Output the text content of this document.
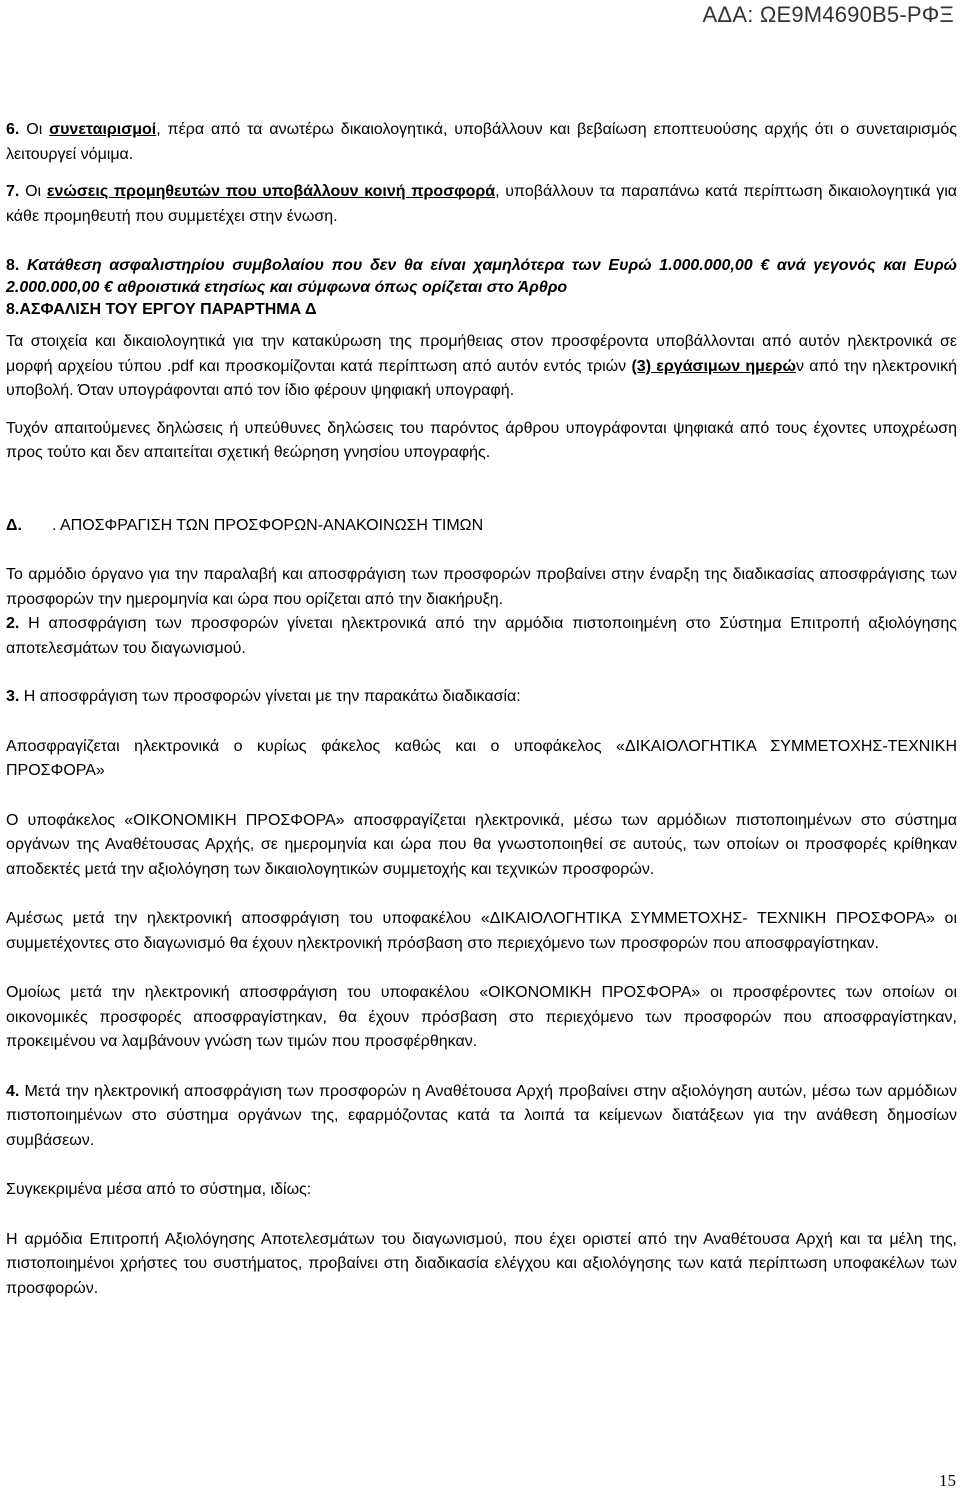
ΑΔΑ: ΩΕ9Μ4690Β5-ΡΦΞ

6. Οι συνεταιρισμοί, πέρα από τα ανωτέρω δικαιολογητικά, υποβάλλουν και βεβαίωση εποπτευούσης αρχής ότι ο συνεταιρισμός λειτουργεί νόμιμα.

7. Οι ενώσεις προμηθευτών που υποβάλλουν κοινή προσφορά, υποβάλλουν τα παραπάνω κατά περίπτωση δικαιολογητικά για κάθε προμηθευτή που συμμετέχει στην ένωση.

8. Κατάθεση ασφαλιστηρίου συμβολαίου που δεν θα είναι χαμηλότερα των Ευρώ 1.000.000,00 € ανά γεγονός και Ευρώ 2.000.000,00 € αθροιστικά ετησίως και σύμφωνα όπως ορίζεται στο Άρθρο

8.ΑΣΦΑΛΙΣΗ ΤΟΥ ΕΡΓΟΥ ΠΑΡΑΡΤΗΜΑ Δ

Τα στοιχεία και δικαιολογητικά για την κατακύρωση της προμήθειας στον προσφέροντα υποβάλλονται από αυτόν ηλεκτρονικά σε μορφή αρχείου τύπου .pdf και προσκομίζονται κατά περίπτωση από αυτόν εντός τριών (3) εργάσιμων ημερών από την ηλεκτρονική υποβολή. Όταν υπογράφονται από τον ίδιο φέρουν ψηφιακή υπογραφή.

Τυχόν απαιτούμενες δηλώσεις ή υπεύθυνες δηλώσεις του παρόντος άρθρου υπογράφονται ψηφιακά από τους έχοντες υποχρέωση προς τούτο και δεν απαιτείται σχετική θεώρηση γνησίου υπογραφής.

Δ. . ΑΠΟΣΦΡΑΓΙΣΗ ΤΩΝ ΠΡΟΣΦΟΡΩΝ-ΑΝΑΚΟΙΝΩΣΗ ΤΙΜΩΝ

Το αρμόδιο όργανο για την παραλαβή και αποσφράγιση των προσφορών προβαίνει στην έναρξη της διαδικασίας αποσφράγισης των προσφορών την ημερομηνία και ώρα που ορίζεται από την διακήρυξη.

2. Η αποσφράγιση των προσφορών γίνεται ηλεκτρονικά από την αρμόδια πιστοποιημένη στο Σύστημα Επιτροπή αξιολόγησης αποτελεσμάτων του διαγωνισμού.

3. Η αποσφράγιση των προσφορών γίνεται με την παρακάτω διαδικασία:

Αποσφραγίζεται ηλεκτρονικά ο κυρίως φάκελος καθώς και ο υποφάκελος «ΔΙΚΑΙΟΛΟΓΗΤΙΚΑ ΣΥΜΜΕΤΟΧΗΣ-ΤΕΧΝΙΚΗ ΠΡΟΣΦΟΡΑ»

Ο υποφάκελος «ΟΙΚΟΝΟΜΙΚΗ ΠΡΟΣΦΟΡΑ» αποσφραγίζεται ηλεκτρονικά, μέσω των αρμόδιων πιστοποιημένων στο σύστημα οργάνων της Αναθέτουσας Αρχής, σε ημερομηνία και ώρα που θα γνωστοποιηθεί σε αυτούς, των οποίων οι προσφορές κρίθηκαν αποδεκτές μετά την αξιολόγηση των δικαιολογητικών συμμετοχής και τεχνικών προσφορών.

Αμέσως μετά την ηλεκτρονική αποσφράγιση του υποφακέλου «ΔΙΚΑΙΟΛΟΓΗΤΙΚΑ ΣΥΜΜΕΤΟΧΗΣ- ΤΕΧΝΙΚΗ ΠΡΟΣΦΟΡΑ» οι συμμετέχοντες στο διαγωνισμό θα έχουν ηλεκτρονική πρόσβαση στο περιεχόμενο των προσφορών που αποσφραγίστηκαν.

Ομοίως μετά την ηλεκτρονική αποσφράγιση του υποφακέλου «ΟΙΚΟΝΟΜΙΚΗ ΠΡΟΣΦΟΡΑ» οι προσφέροντες των οποίων οι οικονομικές προσφορές αποσφραγίστηκαν, θα έχουν πρόσβαση στο περιεχόμενο των προσφορών που αποσφραγίστηκαν, προκειμένου να λαμβάνουν γνώση των τιμών που προσφέρθηκαν.

4. Μετά την ηλεκτρονική αποσφράγιση των προσφορών η Αναθέτουσα Αρχή προβαίνει στην αξιολόγηση αυτών, μέσω των αρμόδιων πιστοποιημένων στο σύστημα οργάνων της, εφαρμόζοντας κατά τα λοιπά τα κείμενων διατάξεων για την ανάθεση δημοσίων συμβάσεων.

Συγκεκριμένα μέσα από το σύστημα, ιδίως:

Η αρμόδια Επιτροπή Αξιολόγησης Αποτελεσμάτων του διαγωνισμού, που έχει οριστεί από την Αναθέτουσα Αρχή και τα μέλη της, πιστοποιημένοι χρήστες του συστήματος, προβαίνει στη διαδικασία ελέγχου και αξιολόγησης των κατά περίπτωση υποφακέλων των προσφορών.

15
